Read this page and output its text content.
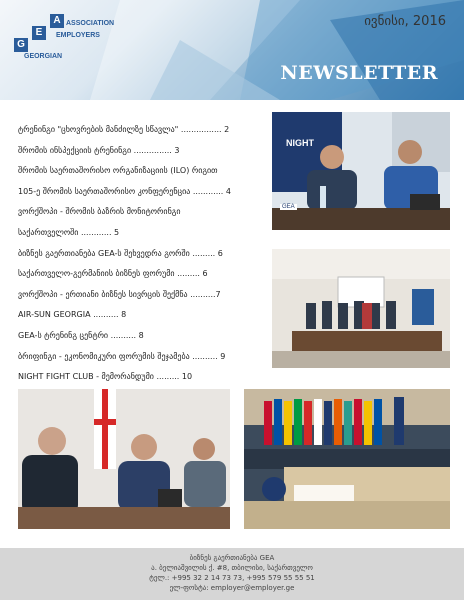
G
E
A ASSOCIATION
EMPLOYERS
GEORGIAN
ივნისი, 2016
NEWSLETTER
ტრენინგი "ცხოვრების მანძილზე სწავლა" ................ 2
შრომის ინსპექციის ტრენინგი ............... 3
შრომის საერთაშორისო ორგანიზაციის (ILO) რიგით
105-ე შრომის საერთაშორისო კონფერენცია ............ 4
ვორქშოპი - შრომის ბაზრის მონიტორინგი
საქართველოში ............ 5
ბიზნეს გაერთიანება GEA-ს შეხვედრა გორში ......... 6
საქართველო-გერმანიის ბიზნეს ფორუმი ......... 6
ვორქშოპი - ერთიანი ბიზნეს სივრცის შექმნა ..........7
AIR-SUN GEORGIA .......... 8
GEA-ს ტრენინგ ცენტრი .......... 8
ბრიფინგი - ეკონომიკური ფორუმის შეჯამება .......... 9
NIGHT FIGHT CLUB - მემორანდუმი ......... 10
NIGHT
GEA
ბიზნეს გაერთიანება GEA
ა. ბელიაშვილის ქ. #8, თბილისი, საქართველო
ტელ.: +995 32 2 14 73 73, +995 579 55 55 51
ელ-ფოსტა: employer@employer.ge
